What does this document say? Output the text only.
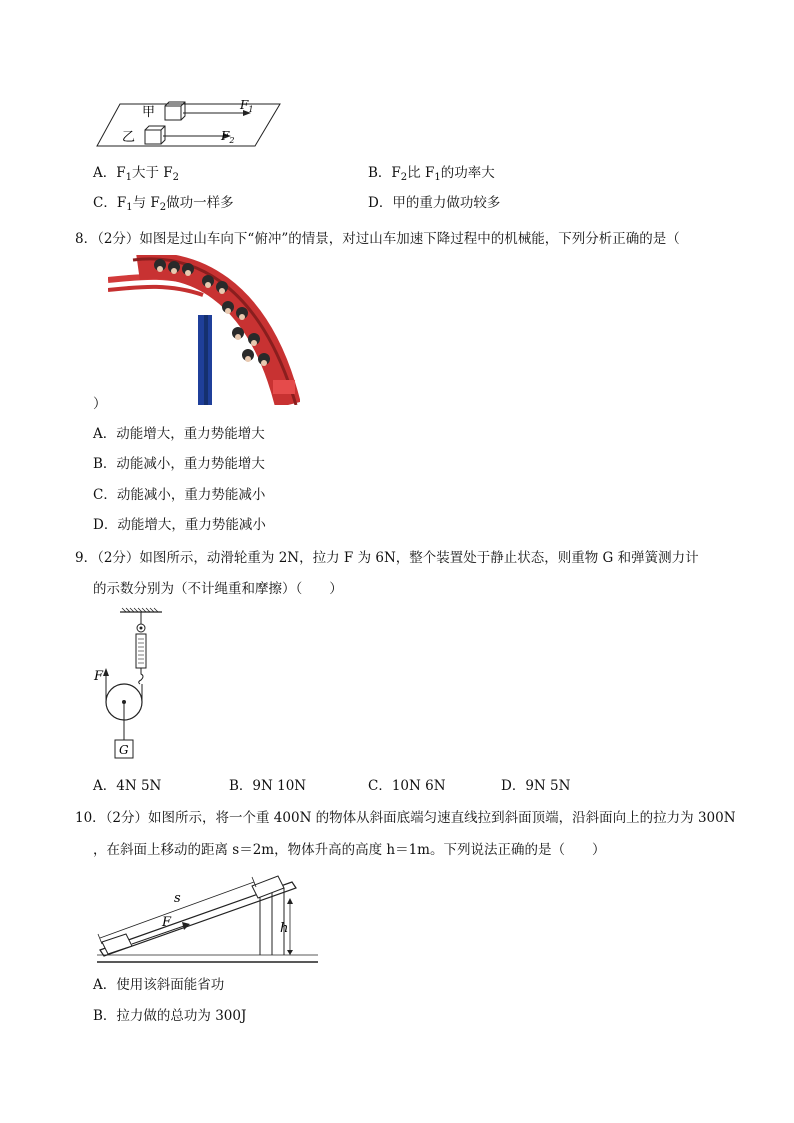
甲
乙
$F_1$
$F_2$
A．$F_1$大于 $F_2$	B．$F_2$比 $F_1$的功率大
C．$F_1$与 $F_2$做功一样多	D．甲的重力做功较多
8．（2分）如图是过山车向下“俯冲”的情景，对过山车加速下降过程中的机械能，下列分析正确的是（
）
A．动能增大，重力势能增大
B．动能减小，重力势能增大
C．动能减小，重力势能减小
D．动能增大，重力势能减小
9．（2分）如图所示，动滑轮重为 2N，拉力 F 为 6N，整个装置处于静止状态，则重物 G 和弹簧测力计
的示数分别为（不计绳重和摩擦）（　　）
F
G
A．4N 5N	B．9N 10N	C．10N 6N	D．9N 5N
10．（2分）如图所示，将一个重 400N 的物体从斜面底端匀速直线拉到斜面顶端，沿斜面向上的拉力为 300N
，在斜面上移动的距离 s＝2m，物体升高的高度 h＝1m。下列说法正确的是（　　）
s
F	h
A．使用该斜面能省功
B．拉力做的总功为 300J
